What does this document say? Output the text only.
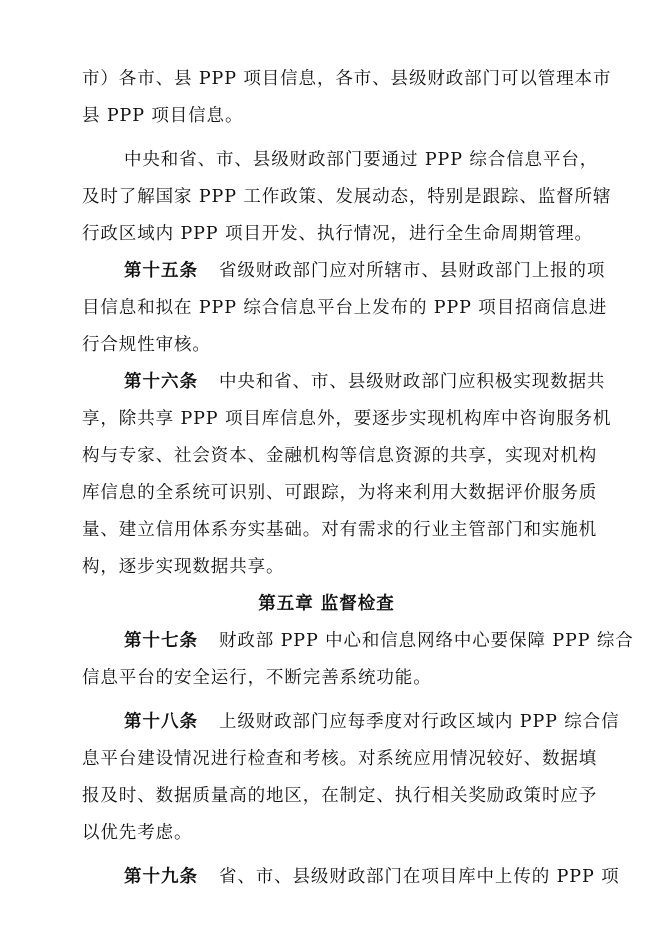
市）各市、县 PPP 项目信息，各市、县级财政部门可以管理本市
县 PPP 项目信息。
中央和省、市、县级财政部门要通过 PPP 综合信息平台，
及时了解国家 PPP 工作政策、发展动态，特别是跟踪、监督所辖
行政区域内 PPP 项目开发、执行情况，进行全生命周期管理。
第十五条 省级财政部门应对所辖市、县财政部门上报的项
目信息和拟在 PPP 综合信息平台上发布的 PPP 项目招商信息进
行合规性审核。
第十六条 中央和省、市、县级财政部门应积极实现数据共
享，除共享 PPP 项目库信息外，要逐步实现机构库中咨询服务机
构与专家、社会资本、金融机构等信息资源的共享，实现对机构
库信息的全系统可识别、可跟踪，为将来利用大数据评价服务质
量、建立信用体系夯实基础。对有需求的行业主管部门和实施机
构，逐步实现数据共享。
第五章 监督检查
第十七条 财政部 PPP 中心和信息网络中心要保障 PPP 综合
信息平台的安全运行，不断完善系统功能。
第十八条 上级财政部门应每季度对行政区域内 PPP 综合信
息平台建设情况进行检查和考核。对系统应用情况较好、数据填
报及时、数据质量高的地区，在制定、执行相关奖励政策时应予
以优先考虑。
第十九条 省、市、县级财政部门在项目库中上传的 PPP 项
